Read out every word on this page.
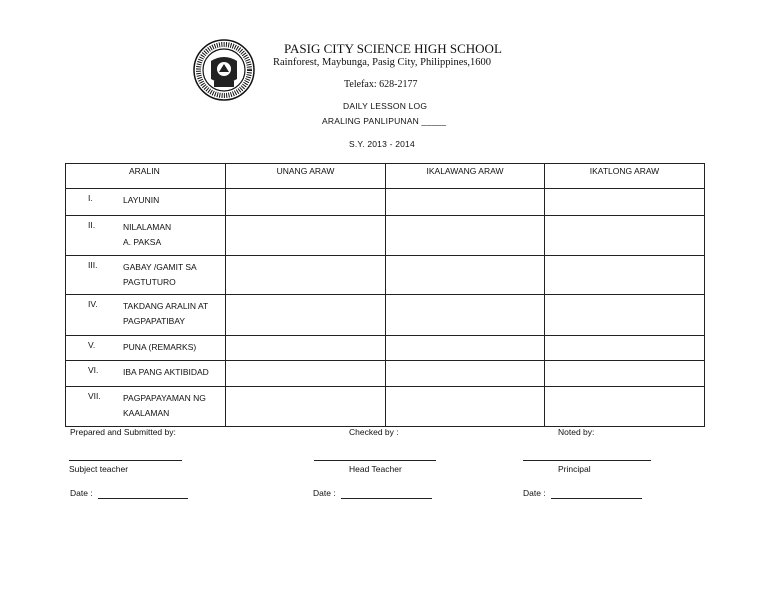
PASIG CITY SCIENCE HIGH SCHOOL
Rainforest, Maybunga, Pasig City, Philippines,1600
Telefax: 628-2177
DAILY LESSON LOG
ARALING PANLIPUNAN _____
S.Y. 2013 - 2014
ARALIN	UNANG ARAW	IKALAWANG ARAW	IKATLONG ARAW

I. LAYUNIN			

II. NILALAMAN
A. PAKSA			

III. GABAY /GAMIT SA
PAGTUTURO			

IV. TAKDANG ARALIN AT
PAGPAPATIBAY			

V. PUNA (REMARKS)			

VI. IBA PANG AKTIBIDAD			

VII. PAGPAPAYAMAN NG
KAALAMAN			

Prepared and Submitted by:	Checked by :	Noted by:
Subject teacher	Head Teacher	Principal
Date :	Date :	Date :
